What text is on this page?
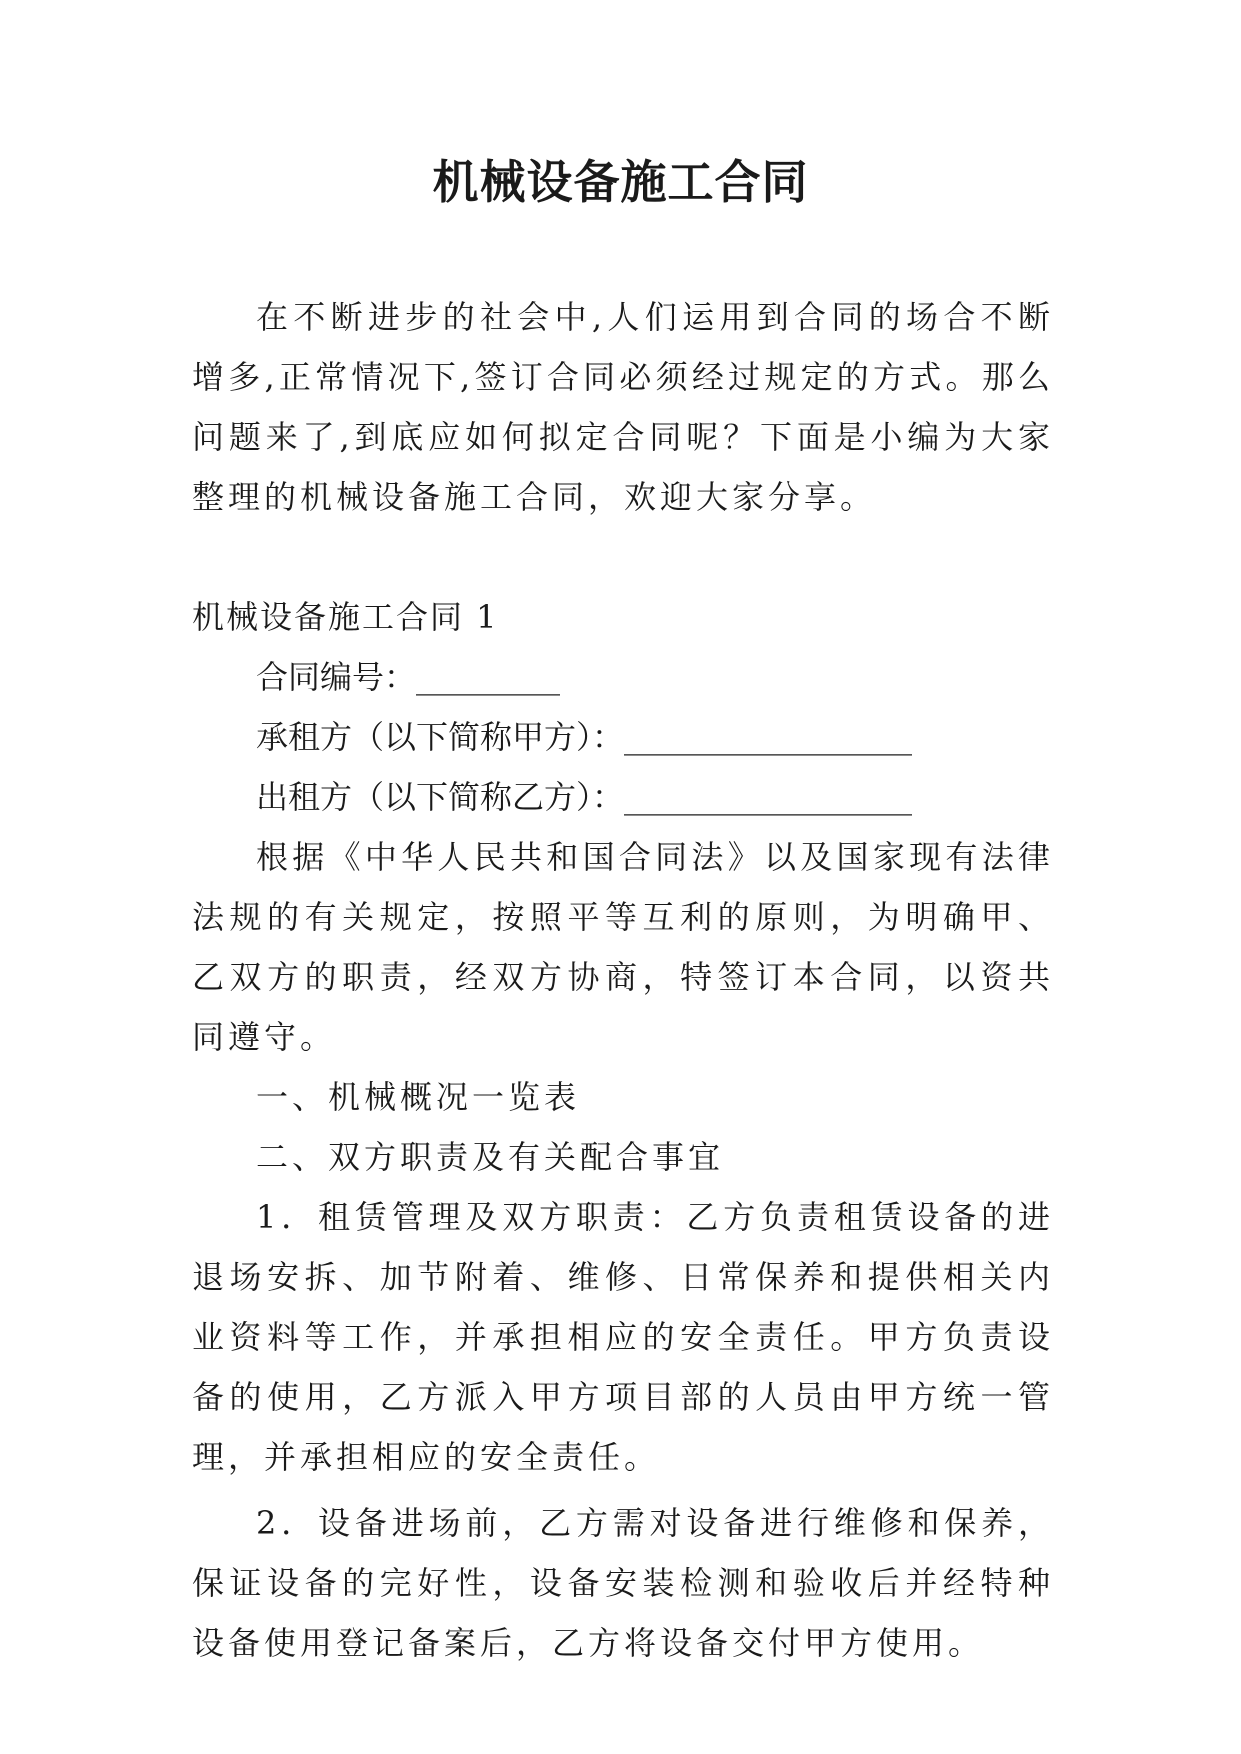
机械设备施工合同

在不断进步的社会中,人们运用到合同的场合不断增多,正常情况下,签订合同必须经过规定的方式。那么问题来了,到底应如何拟定合同呢？下面是小编为大家整理的机械设备施工合同，欢迎大家分享。

机械设备施工合同 1

合同编号：_________

承租方（以下简称甲方）：__________________

出租方（以下简称乙方）：__________________

根据《中华人民共和国合同法》以及国家现有法律法规的有关规定，按照平等互利的原则，为明确甲、乙双方的职责，经双方协商，特签订本合同，以资共同遵守。

一、机械概况一览表

二、双方职责及有关配合事宜

1．租赁管理及双方职责：乙方负责租赁设备的进退场安拆、加节附着、维修、日常保养和提供相关内业资料等工作，并承担相应的安全责任。甲方负责设备的使用，乙方派入甲方项目部的人员由甲方统一管理，并承担相应的安全责任。

2．设备进场前，乙方需对设备进行维修和保养，保证设备的完好性，设备安装检测和验收后并经特种设备使用登记备案后，乙方将设备交付甲方使用。
